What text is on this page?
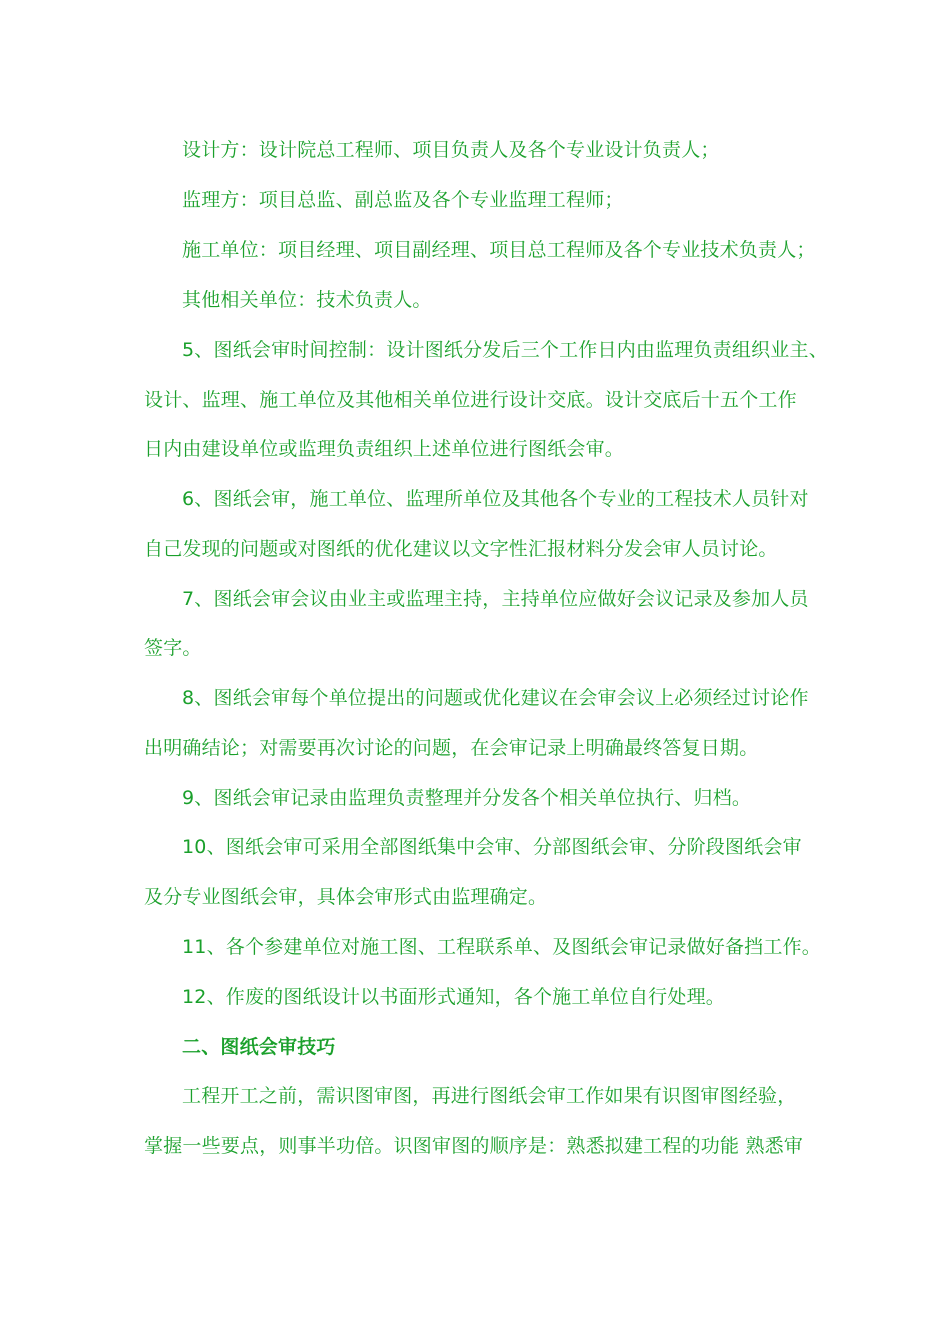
设计方：设计院总工程师、项目负责人及各个专业设计负责人；
监理方：项目总监、副总监及各个专业监理工程师；
施工单位：项目经理、项目副经理、项目总工程师及各个专业技术负责人；
其他相关单位：技术负责人。
5、图纸会审时间控制：设计图纸分发后三个工作日内由监理负责组织业主、
设计、监理、施工单位及其他相关单位进行设计交底。设计交底后十五个工作
日内由建设单位或监理负责组织上述单位进行图纸会审。
6、图纸会审，施工单位、监理所单位及其他各个专业的工程技术人员针对
自己发现的问题或对图纸的优化建议以文字性汇报材料分发会审人员讨论。
7、图纸会审会议由业主或监理主持，主持单位应做好会议记录及参加人员
签字。
8、图纸会审每个单位提出的问题或优化建议在会审会议上必须经过讨论作
出明确结论；对需要再次讨论的问题，在会审记录上明确最终答复日期。
9、图纸会审记录由监理负责整理并分发各个相关单位执行、归档。
10、图纸会审可采用全部图纸集中会审、分部图纸会审、分阶段图纸会审
及分专业图纸会审，具体会审形式由监理确定。
11、各个参建单位对施工图、工程联系单、及图纸会审记录做好备挡工作。
12、作废的图纸设计以书面形式通知，各个施工单位自行处理。
二、图纸会审技巧
工程开工之前，需识图审图，再进行图纸会审工作如果有识图审图经验，
掌握一些要点，则事半功倍。识图审图的顺序是：熟悉拟建工程的功能 熟悉审
